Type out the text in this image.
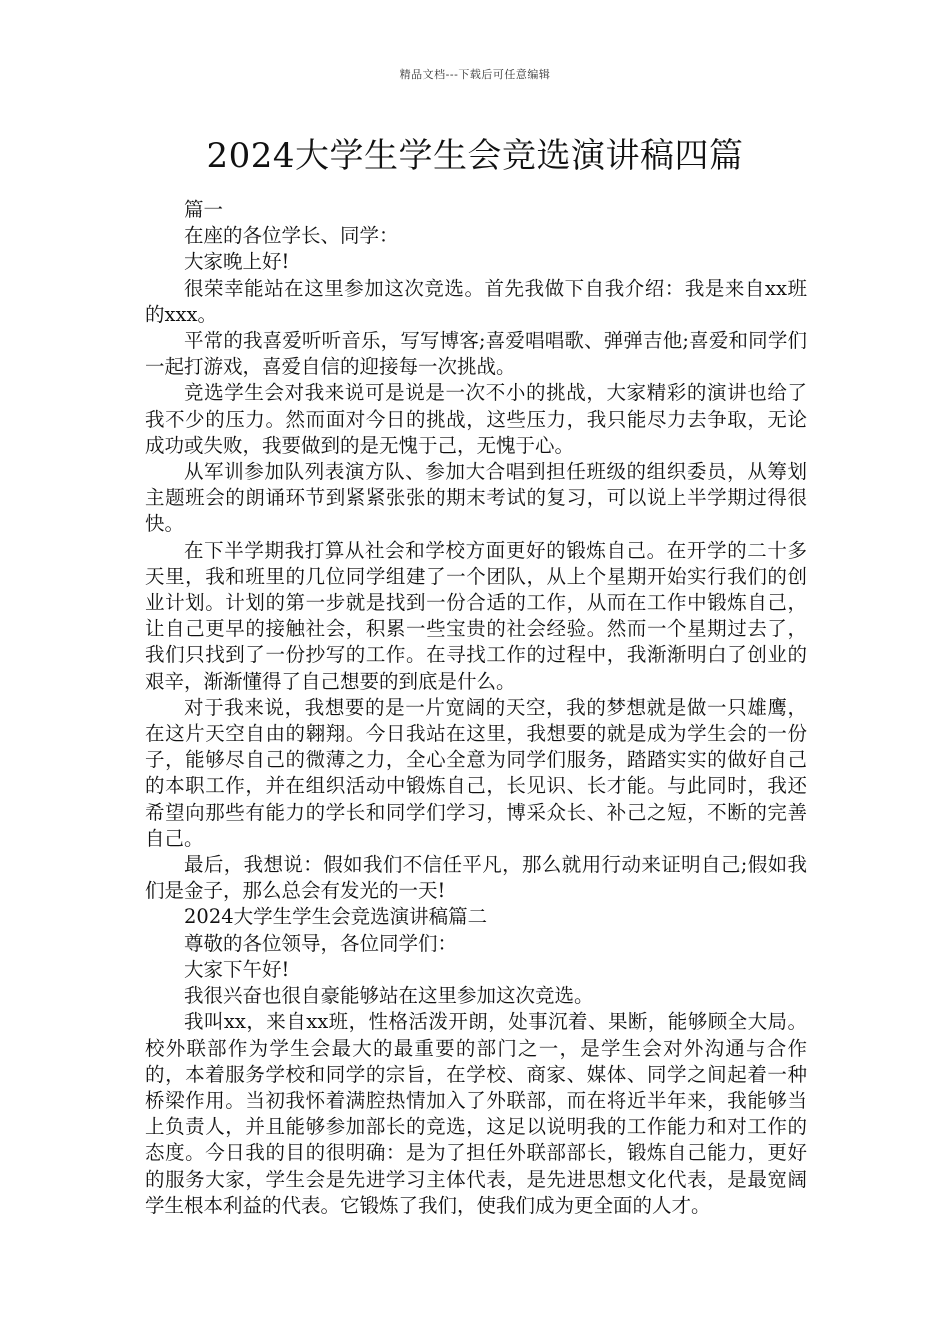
精品文档---下载后可任意编辑
2024大学生学生会竞选演讲稿四篇

篇一

在座的各位学长、同学：

大家晚上好!

很荣幸能站在这里参加这次竞选。首先我做下自我介绍：我是来自xx班的xxx。

平常的我喜爱听听音乐，写写博客;喜爱唱唱歌、弹弹吉他;喜爱和同学们一起打游戏，喜爱自信的迎接每一次挑战。

竞选学生会对我来说可是说是一次不小的挑战，大家精彩的演讲也给了我不少的压力。然而面对今日的挑战，这些压力，我只能尽力去争取，无论成功或失败，我要做到的是无愧于己，无愧于心。

从军训参加队列表演方队、参加大合唱到担任班级的组织委员，从筹划主题班会的朗诵环节到紧紧张张的期末考试的复习，可以说上半学期过得很快。

在下半学期我打算从社会和学校方面更好的锻炼自己。在开学的二十多天里，我和班里的几位同学组建了一个团队，从上个星期开始实行我们的创业计划。计划的第一步就是找到一份合适的工作，从而在工作中锻炼自己，让自己更早的接触社会，积累一些宝贵的社会经验。然而一个星期过去了，我们只找到了一份抄写的工作。在寻找工作的过程中，我渐渐明白了创业的艰辛，渐渐懂得了自己想要的到底是什么。

对于我来说，我想要的是一片宽阔的天空，我的梦想就是做一只雄鹰，在这片天空自由的翱翔。今日我站在这里，我想要的就是成为学生会的一份子，能够尽自己的微薄之力，全心全意为同学们服务，踏踏实实的做好自己的本职工作，并在组织活动中锻炼自己，长见识、长才能。与此同时，我还希望向那些有能力的学长和同学们学习，博采众长、补己之短，不断的完善自己。

最后，我想说：假如我们不信任平凡，那么就用行动来证明自己;假如我们是金子，那么总会有发光的一天!

2024大学生学生会竞选演讲稿篇二

尊敬的各位领导，各位同学们：

大家下午好!

我很兴奋也很自豪能够站在这里参加这次竞选。

我叫xx，来自xx班，性格活泼开朗，处事沉着、果断，能够顾全大局。校外联部作为学生会最大的最重要的部门之一，是学生会对外沟通与合作的，本着服务学校和同学的宗旨，在学校、商家、媒体、同学之间起着一种桥梁作用。当初我怀着满腔热情加入了外联部，而在将近半年来，我能够当上负责人，并且能够参加部长的竞选，这足以说明我的工作能力和对工作的态度。今日我的目的很明确：是为了担任外联部部长，锻炼自己能力，更好的服务大家，学生会是先进学习主体代表，是先进思想文化代表，是最宽阔学生根本利益的代表。它锻炼了我们，使我们成为更全面的人才。
